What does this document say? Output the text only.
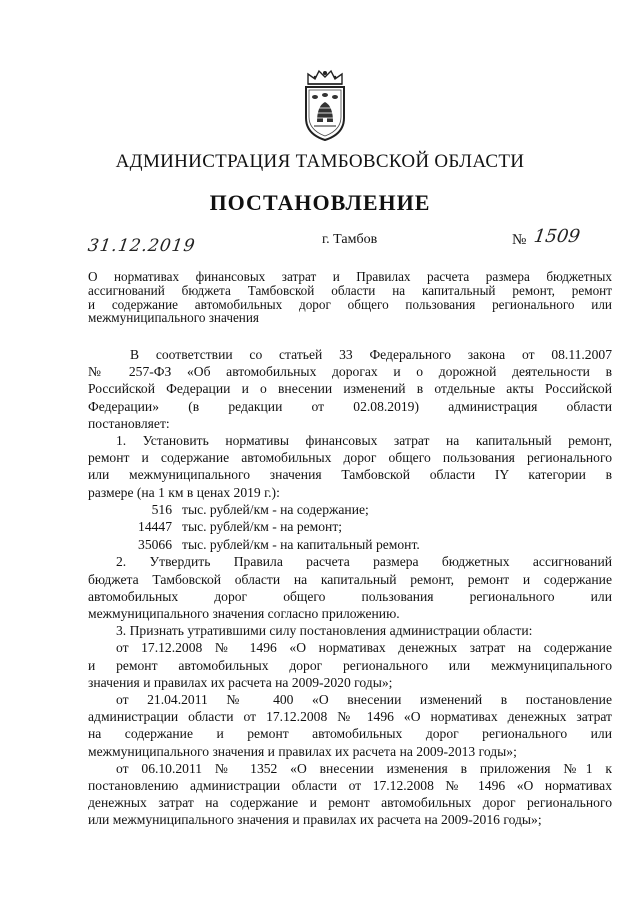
АДМИНИСТРАЦИЯ ТАМБОВСКОЙ ОБЛАСТИ
ПОСТАНОВЛЕНИЕ
31.12.2019	г. Тамбов	№ 1509
О нормативах финансовых затрат и Правилах расчета размера бюджетных
ассигнований бюджета Тамбовской области на капитальный ремонт, ремонт
и содержание автомобильных дорог общего пользования регионального или
межмуниципального значения
В соответствии со статьей 33 Федерального закона от 08.11.2007
№ 257-ФЗ «Об автомобильных дорогах и о дорожной деятельности в
Российской Федерации и о внесении изменений в отдельные акты Российской
Федерации» (в редакции от 02.08.2019) администрация области
постановляет:
1. Установить нормативы финансовых затрат на капитальный ремонт,
ремонт и содержание автомобильных дорог общего пользования регионального
или межмуниципального значения Тамбовской области IY категории в
размере (на 1 км в ценах 2019 г.):
516 тыс. рублей/км - на содержание;
14447 тыс. рублей/км - на ремонт;
35066 тыс. рублей/км - на капитальный ремонт.
2. Утвердить Правила расчета размера бюджетных ассигнований
бюджета Тамбовской области на капитальный ремонт, ремонт и содержание
автомобильных дорог общего пользования регионального или
межмуниципального значения согласно приложению.
3. Признать утратившими силу постановления администрации области:
от 17.12.2008 № 1496 «О нормативах денежных затрат на содержание
и ремонт автомобильных дорог регионального или межмуниципального
значения и правилах их расчета на 2009-2020 годы»;
от 21.04.2011 № 400 «О внесении изменений в постановление
администрации области от 17.12.2008 № 1496 «О нормативах денежных затрат
на содержание и ремонт автомобильных дорог регионального или
межмуниципального значения и правилах их расчета на 2009-2013 годы»;
от 06.10.2011 № 1352 «О внесении изменения в приложения №1 к
постановлению администрации области от 17.12.2008 № 1496 «О нормативах
денежных затрат на содержание и ремонт автомобильных дорог регионального
или межмуниципального значения и правилах их расчета на 2009-2016 годы»;
